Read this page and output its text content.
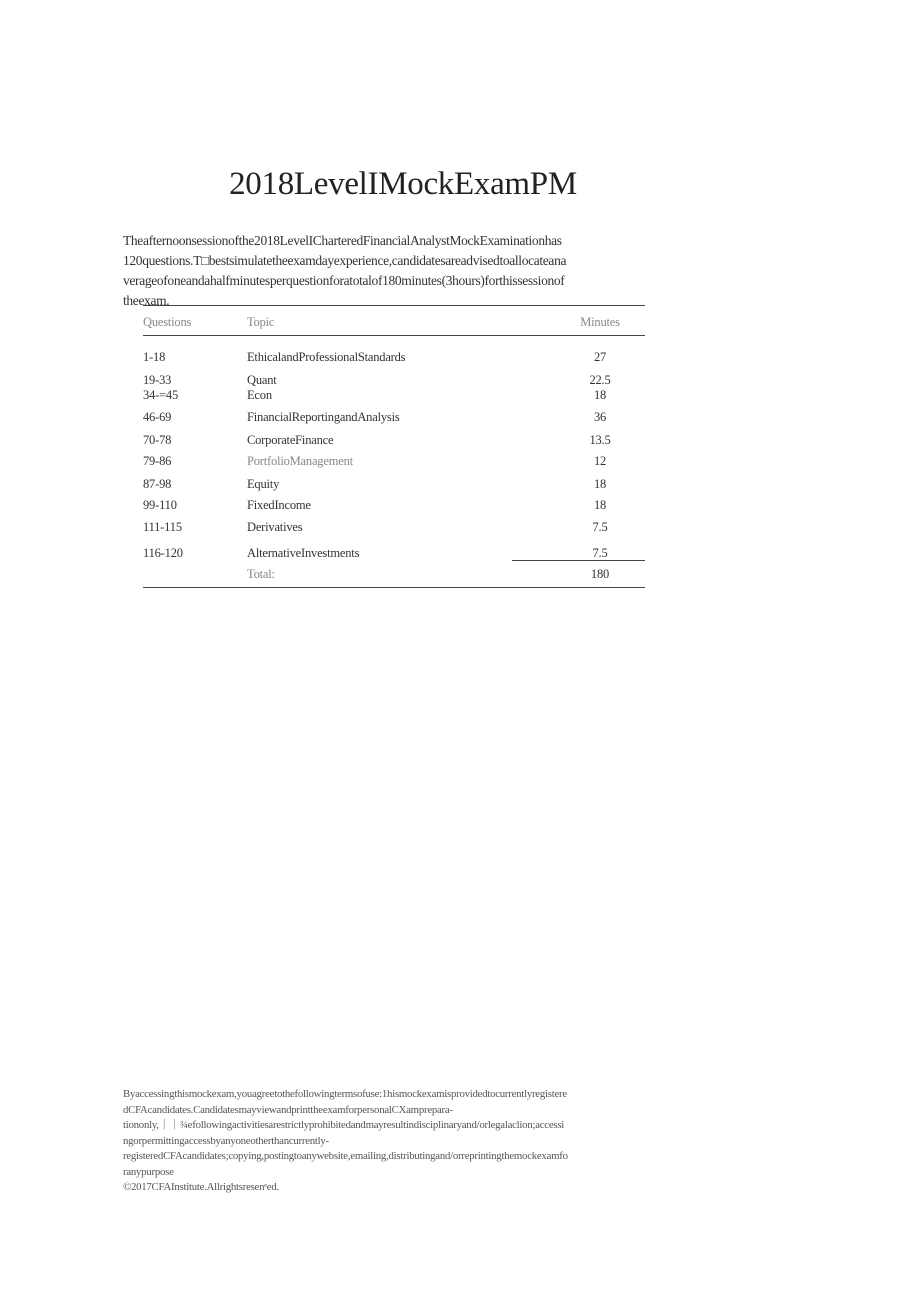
2018LevelIMockExamPM
Theafternoonsessionofthe2018LevelICharteredFinancialAnalystMockExaminationhas
120questions.T□bestsimulatetheexamdayexperience,candidatesareadvisedtoallocateana
verageofoneandahalfminutesperquestionforatotalof180minutes(3hours)forthissessionof
theexam.
Questions	Topic	Minutes
1-18	EthicalandProfessionalStandards	27
19-33	Quant	22.5
34-=45	Econ	18
46-69	FinancialReportingandAnalysis	36
70-78	CorporateFinance	13.5
79-86	PortfolioManagement	12
87-98	Equity	18
99-110	FixedIncome	18
111-115	Derivatives	7.5
116-120	AlternativeInvestments	7.5
Total:	180
Byaccessingthismockexam,youagreetothefollowingtermsofuse:1hismockexamisprovidedtocurrentlyregistere
dCFAcandidates.CandidatesmayviewandprinttheexamforpersonalCXamprepara-
tiononly,｜｜¾efollowingactivitiesarestrictlyprohibitedandmayresultindisciplinaryand/orlegalaclion;accessi
ngorpermittingaccessbyanyoneotherthancurrently-
registeredCFAcandidates;copying,postingtoanywebsite,emailing,distributingand/orreprintingthemockexamfo
ranypurpose
©2017CFAInstitute.Allrightsresenᵉed.
